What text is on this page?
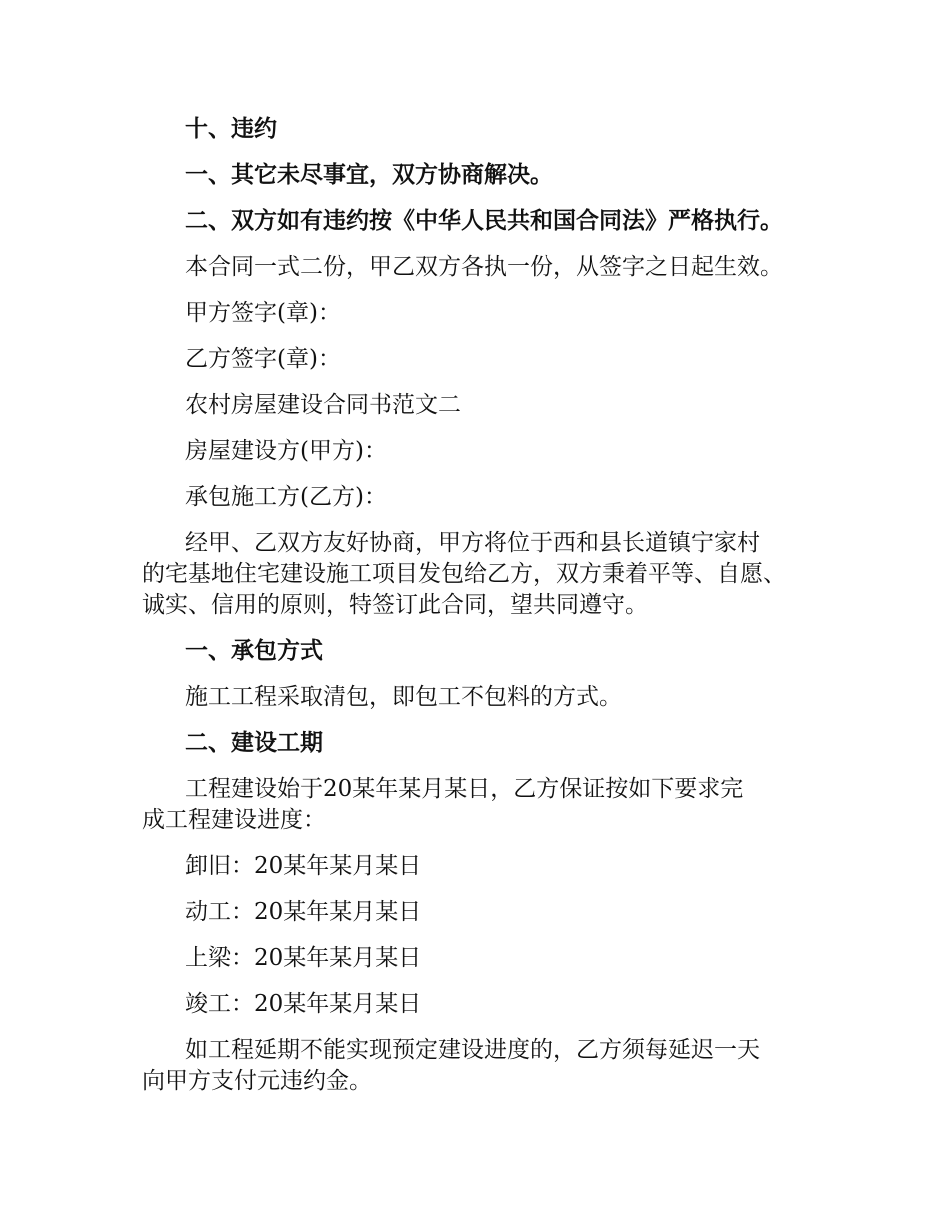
十、违约
一、其它未尽事宜，双方协商解决。
二、双方如有违约按《中华人民共和国合同法》严格执行。
本合同一式二份，甲乙双方各执一份，从签字之日起生效。
甲方签字(章)：
乙方签字(章)：
农村房屋建设合同书范文二
房屋建设方(甲方)：
承包施工方(乙方)：
经甲、乙双方友好协商，甲方将位于西和县长道镇宁家村
的宅基地住宅建设施工项目发包给乙方，双方秉着平等、自愿、
诚实、信用的原则，特签订此合同，望共同遵守。
一、承包方式
施工工程采取清包，即包工不包料的方式。
二、建设工期
工程建设始于20某年某月某日，乙方保证按如下要求完
成工程建设进度：
卸旧：20某年某月某日
动工：20某年某月某日
上梁：20某年某月某日
竣工：20某年某月某日
如工程延期不能实现预定建设进度的，乙方须每延迟一天
向甲方支付元违约金。
